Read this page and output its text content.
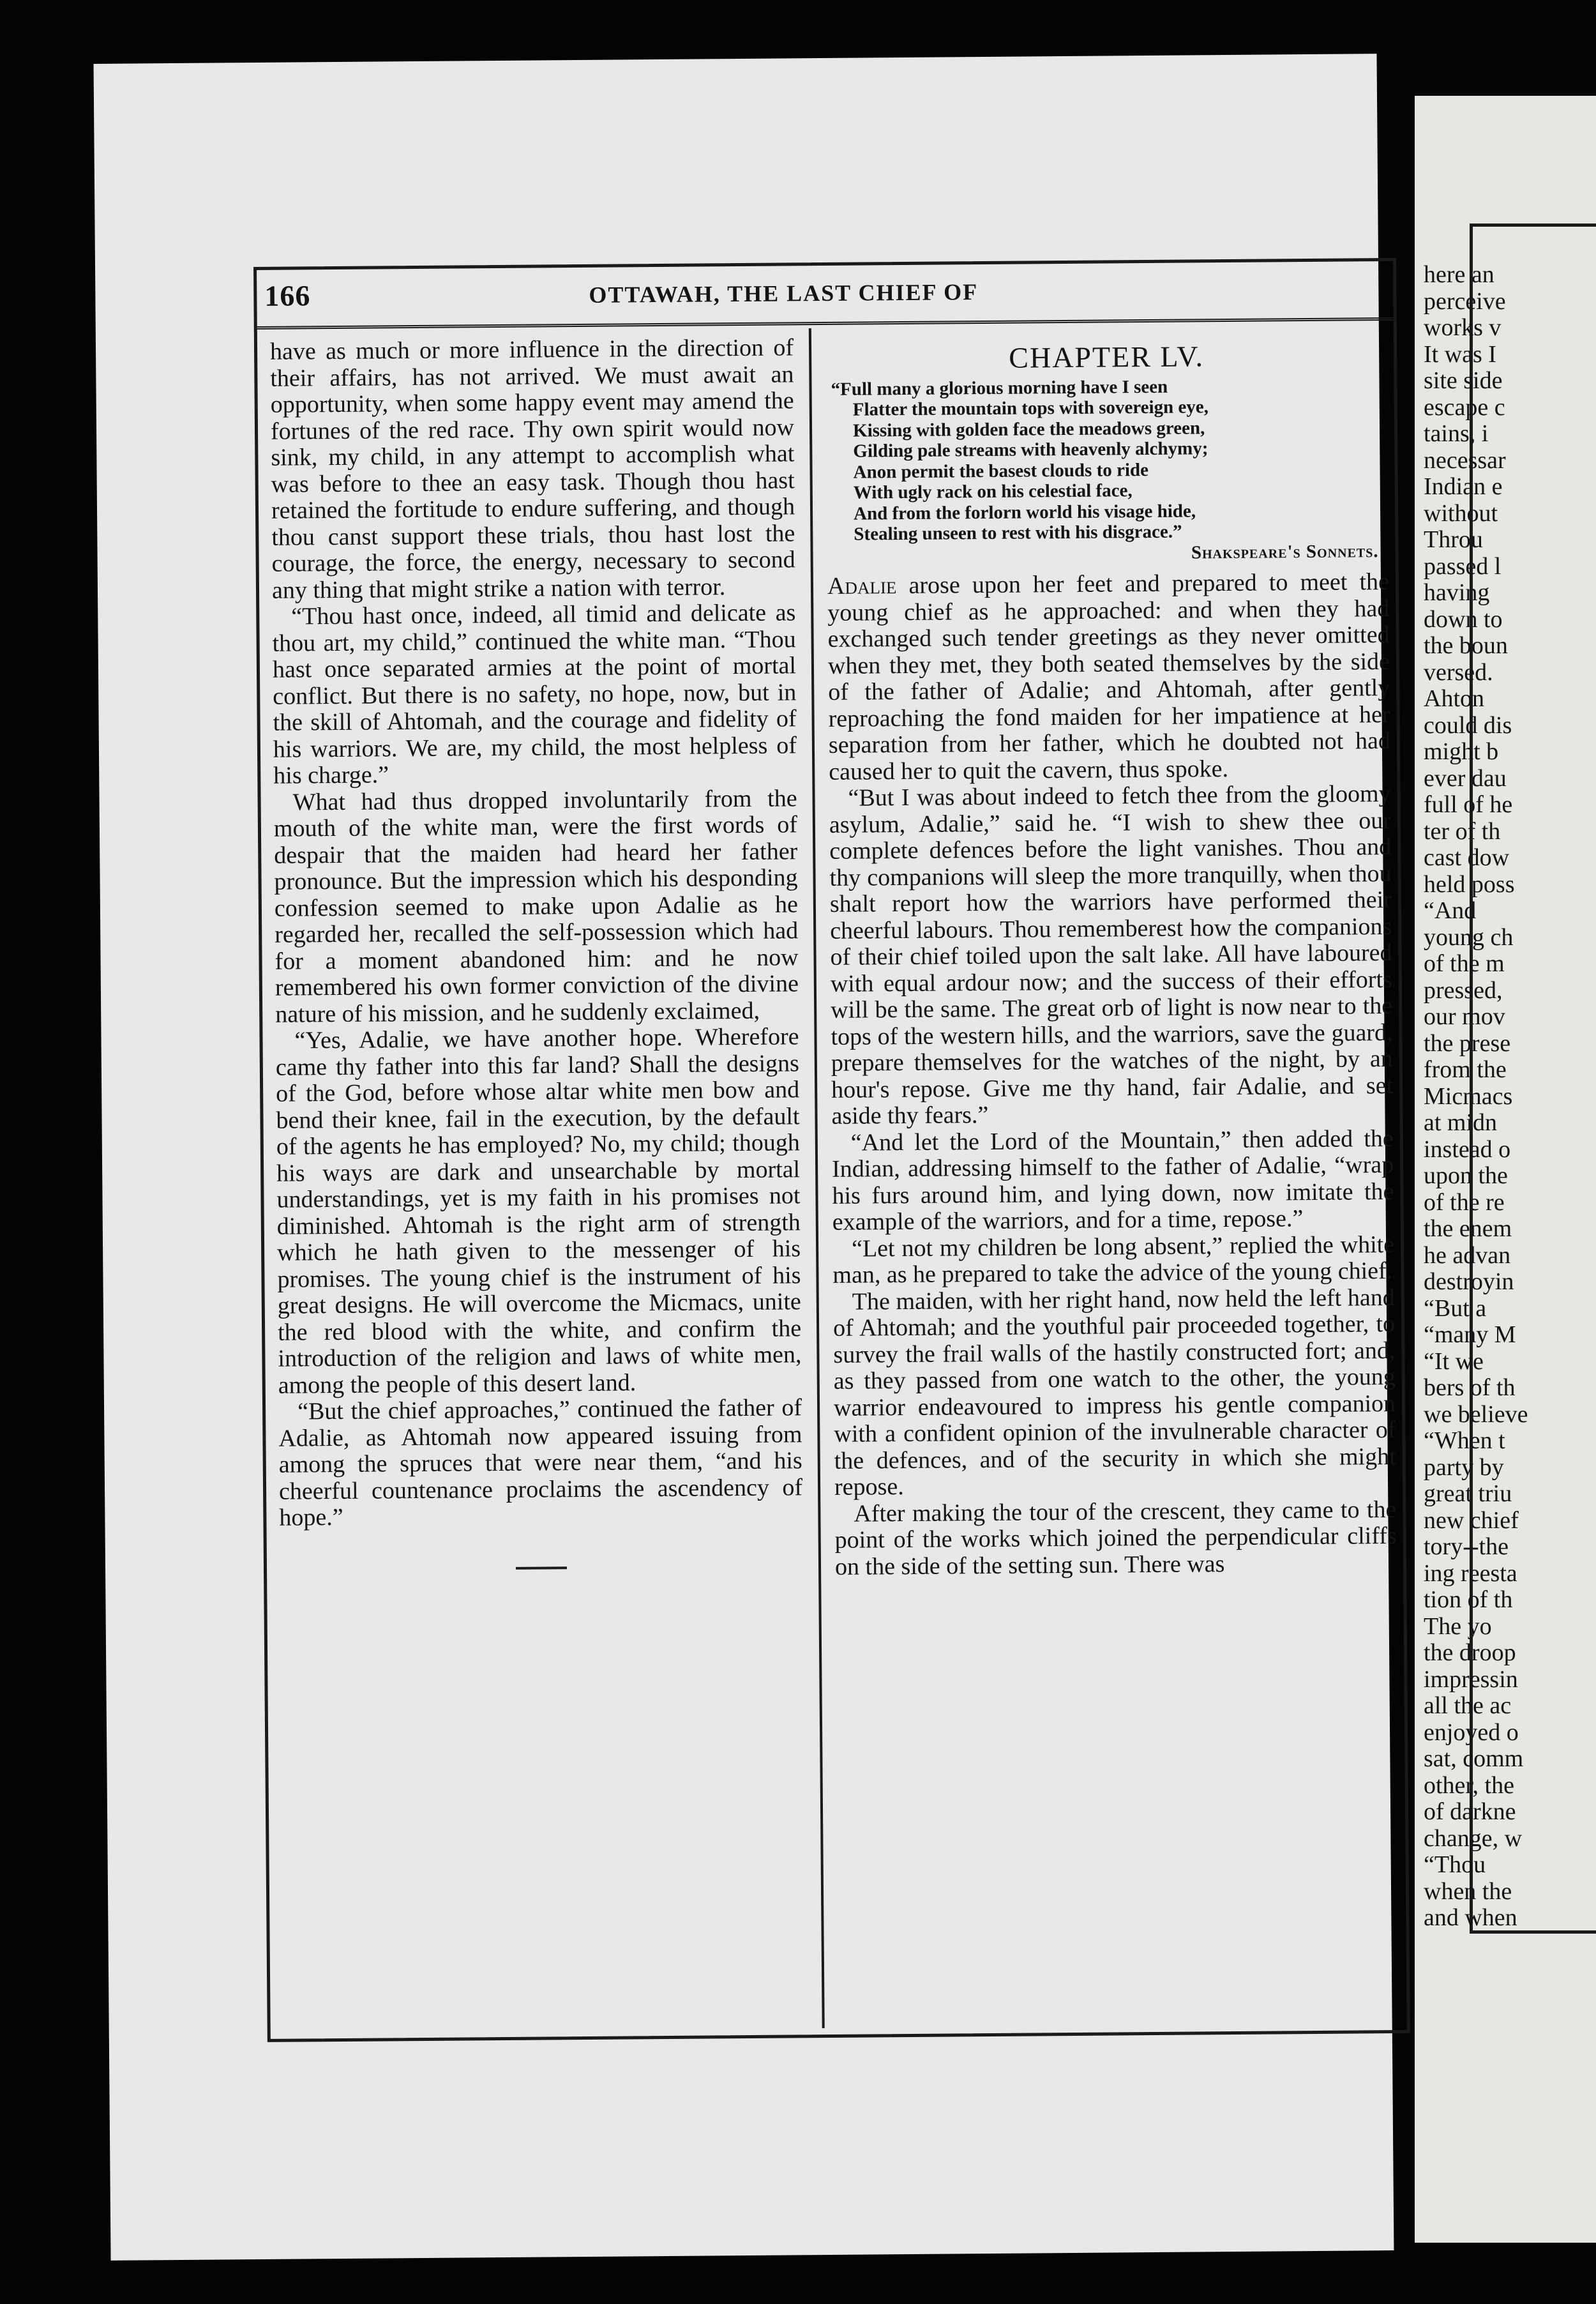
166	OTTAWAH, THE LAST CHIEF OF

have as much or more influence in the direction of their affairs, has not arrived. We must await an opportunity, when some happy event may amend the fortunes of the red race. Thy own spirit would now sink, my child, in any attempt to accomplish what was before to thee an easy task. Though thou hast retained the fortitude to endure suffering, and though thou canst support these trials, thou hast lost the courage, the force, the energy, necessary to second any thing that might strike a nation with terror.

“Thou hast once, indeed, all timid and delicate as thou art, my child,” continued the white man. “Thou hast once separated armies at the point of mortal conflict. But there is no safety, no hope, now, but in the skill of Ahtomah, and the courage and fidelity of his warriors. We are, my child, the most helpless of his charge.”

What had thus dropped involuntarily from the mouth of the white man, were the first words of despair that the maiden had heard her father pronounce. But the impression which his desponding confession seemed to make upon Adalie as he regarded her, recalled the self-possession which had for a moment abandoned him: and he now remembered his own former conviction of the divine nature of his mission, and he suddenly exclaimed,

“Yes, Adalie, we have another hope. Wherefore came thy father into this far land? Shall the designs of the God, before whose altar white men bow and bend their knee, fail in the execution, by the default of the agents he has employed? No, my child; though his ways are dark and unsearchable by mortal understandings, yet is my faith in his promises not diminished. Ahtomah is the right arm of strength which he hath given to the messenger of his promises. The young chief is the instrument of his great designs. He will overcome the Micmacs, unite the red blood with the white, and confirm the introduction of the religion and laws of white men, among the people of this desert land.

“But the chief approaches,” continued the father of Adalie, as Ahtomah now appeared issuing from among the spruces that were near them, “and his cheerful countenance proclaims the ascendency of hope.”

CHAPTER LV.
“Full many a glorious morning have I seen
Flatter the mountain tops with sovereign eye,
Kissing with golden face the meadows green,
Gilding pale streams with heavenly alchymy;
Anon permit the basest clouds to ride
With ugly rack on his celestial face,
And from the forlorn world his visage hide,
Stealing unseen to rest with his disgrace.”
Shakspeare's Sonnets.

Adalie arose upon her feet and prepared to meet the young chief as he approached: and when they had exchanged such tender greetings as they never omitted when they met, they both seated themselves by the side of the father of Adalie; and Ahtomah, after gently reproaching the fond maiden for her impatience at her separation from her father, which he doubted not had caused her to quit the cavern, thus spoke.

“But I was about indeed to fetch thee from the gloomy asylum, Adalie,” said he. “I wish to shew thee our complete defences before the light vanishes. Thou and thy companions will sleep the more tranquilly, when thou shalt report how the warriors have performed their cheerful labours. Thou rememberest how the companions of their chief toiled upon the salt lake. All have laboured with equal ardour now; and the success of their efforts will be the same. The great orb of light is now near to the tops of the western hills, and the warriors, save the guard, prepare themselves for the watches of the night, by an hour's repose. Give me thy hand, fair Adalie, and set aside thy fears.”

“And let the Lord of the Mountain,” then added the Indian, addressing himself to the father of Adalie, “wrap his furs around him, and lying down, now imitate the example of the warriors, and for a time, repose.”

“Let not my children be long absent,” replied the white man, as he prepared to take the advice of the young chief.

The maiden, with her right hand, now held the left hand of Ahtomah; and the youthful pair proceeded together, to survey the frail walls of the hastily constructed fort; and, as they passed from one watch to the other, the young warrior endeavoured to impress his gentle companion with a confident opinion of the invulnerable character of the defences, and of the security in which she might repose.

After making the tour of the crescent, they came to the point of the works which joined the perpendicular cliffs on the side of the setting sun. There was

here an
perceive
works v
It was I
site side
escape c
tains, i
necessar
Indian e
without
Throu
passed l
having
down to
the boun
versed.
Ahton
could dis
might b
ever dau
full of he
ter of th
cast dow
held poss
“And
young ch
of the m
pressed,
our mov
the prese
from the
Micmacs
at midn
instead o
upon the
of the re
the enem
he advan
destroyin
“But a
“many M
“It we
bers of th
we believe
“When t
party by
great triu
new chief
tory--the
ing reesta
tion of th
The yo
the droop
impressin
all the ac
enjoyed o
sat, comm
other, the
of darkne
change, w
“Thou
when the
and when
